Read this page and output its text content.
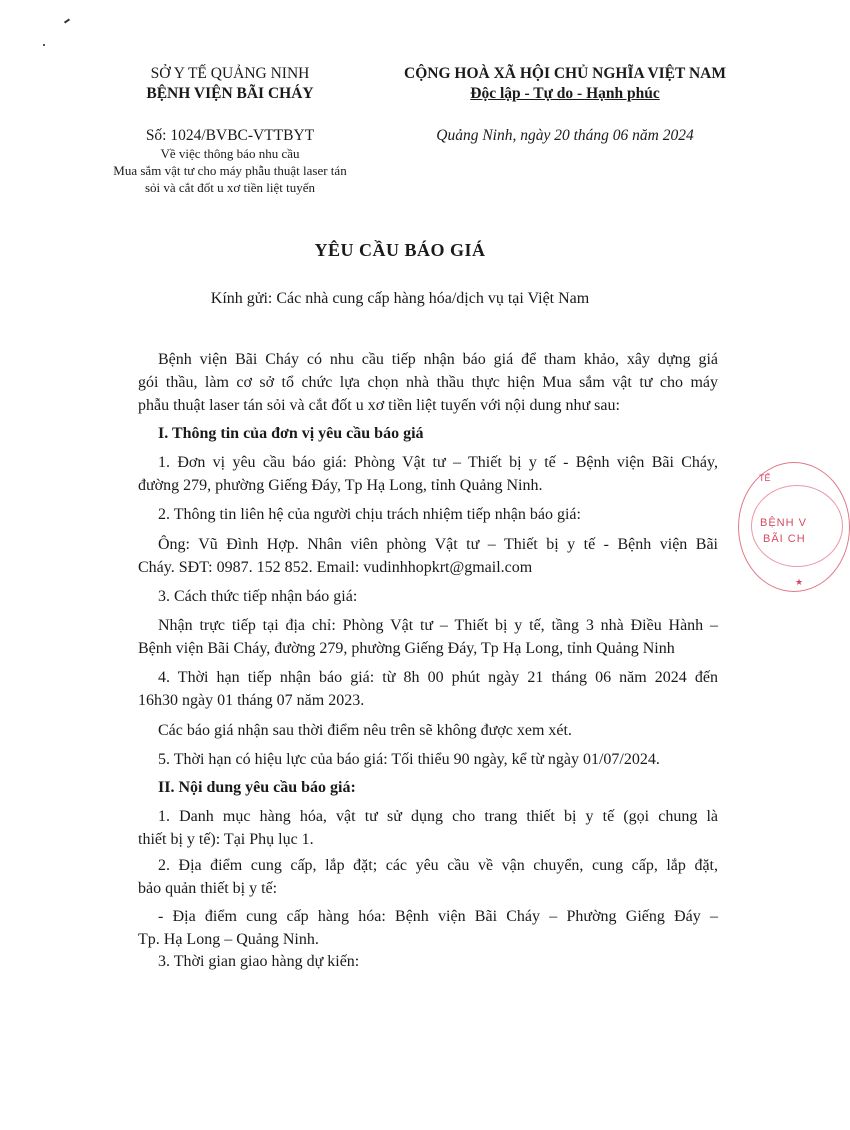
SỞ Y TẾ QUẢNG NINH
BỆNH VIỆN BÃI CHÁY
CỘNG HOÀ XÃ HỘI CHỦ NGHĨA VIỆT NAM
Độc lập - Tự do - Hạnh phúc
Số: 1024/BVBC-VTTBYT
Về việc thông báo nhu cầu
Mua sắm vật tư cho máy phẫu thuật laser tán
sỏi và cắt đốt u xơ tiền liệt tuyến
Quảng Ninh, ngày 20 tháng 06 năm 2024
YÊU CẦU BÁO GIÁ
Kính gửi: Các nhà cung cấp hàng hóa/dịch vụ tại Việt Nam
Bệnh viện Bãi Cháy có nhu cầu tiếp nhận báo giá để tham khảo, xây dựng giá
gói thầu, làm cơ sở tổ chức lựa chọn nhà thầu thực hiện Mua sắm vật tư cho máy
phẫu thuật laser tán sỏi và cắt đốt u xơ tiền liệt tuyến với nội dung như sau:
I. Thông tin của đơn vị yêu cầu báo giá
1. Đơn vị yêu cầu báo giá: Phòng Vật tư – Thiết bị y tế - Bệnh viện Bãi Cháy,
đường 279, phường Giếng Đáy, Tp Hạ Long, tỉnh Quảng Ninh.
2. Thông tin liên hệ của người chịu trách nhiệm tiếp nhận báo giá:
Ông: Vũ Đình Hợp. Nhân viên phòng Vật tư – Thiết bị y tế - Bệnh viện Bãi
Cháy. SĐT: 0987. 152 852. Email: vudinhhopkrt@gmail.com
3. Cách thức tiếp nhận báo giá:
Nhận trực tiếp tại địa chỉ: Phòng Vật tư – Thiết bị y tế, tầng 3 nhà Điều Hành –
Bệnh viện Bãi Cháy, đường 279, phường Giếng Đáy, Tp Hạ Long, tỉnh Quảng Ninh
4. Thời hạn tiếp nhận báo giá: từ 8h 00 phút ngày 21 tháng 06 năm 2024 đến
16h30 ngày 01 tháng 07 năm 2023.
Các báo giá nhận sau thời điểm nêu trên sẽ không được xem xét.
5. Thời hạn có hiệu lực của báo giá: Tối thiểu 90 ngày, kể từ ngày 01/07/2024.
II. Nội dung yêu cầu báo giá:
1. Danh mục hàng hóa, vật tư sử dụng cho trang thiết bị y tế (gọi chung là
thiết bị y tế): Tại Phụ lục 1.
2. Địa điểm cung cấp, lắp đặt; các yêu cầu về vận chuyển, cung cấp, lắp đặt,
bảo quản thiết bị y tế:
- Địa điểm cung cấp hàng hóa: Bệnh viện Bãi Cháy – Phường Giếng Đáy –
Tp. Hạ Long – Quảng Ninh.
3. Thời gian giao hàng dự kiến:
TẾ
BỆNH V
BÃI CH
★
